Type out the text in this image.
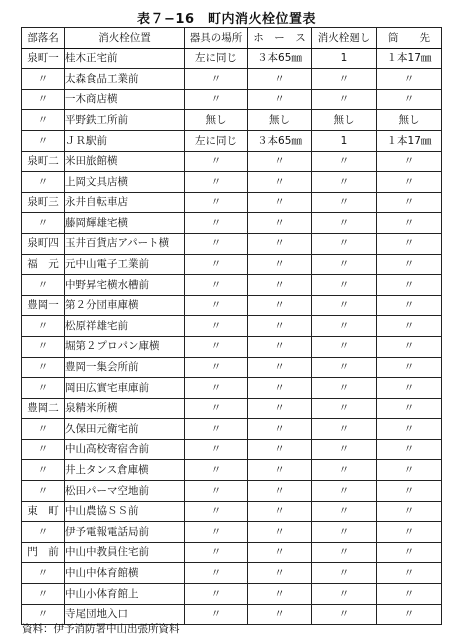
表７−16　町内消火栓位置表
部落名	消火栓位置	器具の場所	ホ　ー　ス	消火栓廻し	筒　　先
泉町一	桂木正宅前	左に同じ	３本65㎜	1	１本17㎜
〃	太森食品工業前	〃	〃	〃	〃
〃	一木商店横	〃	〃	〃	〃
〃	平野鉄工所前	無し	無し	無し	無し
〃	ＪＲ駅前	左に同じ	３本65㎜	1	１本17㎜
泉町二	米田旅館横	〃	〃	〃	〃
〃	上岡文具店横	〃	〃	〃	〃
泉町三	永井自転車店	〃	〃	〃	〃
〃	藤岡輝雄宅横	〃	〃	〃	〃
泉町四	玉井百貨店アパート横	〃	〃	〃	〃
福　元	元中山電子工業前	〃	〃	〃	〃
〃	中野昇宅横水槽前	〃	〃	〃	〃
豊岡一	第２分団車庫横	〃	〃	〃	〃
〃	松原祥雄宅前	〃	〃	〃	〃
〃	堀第２プロパン庫横	〃	〃	〃	〃
〃	豊岡一集会所前	〃	〃	〃	〃
〃	岡田広實宅車庫前	〃	〃	〃	〃
豊岡二	泉精米所横	〃	〃	〃	〃
〃	久保田元衛宅前	〃	〃	〃	〃
〃	中山高校寄宿舎前	〃	〃	〃	〃
〃	井上タンス倉庫横	〃	〃	〃	〃
〃	松田パーマ空地前	〃	〃	〃	〃
東　町	中山農協ＳＳ前	〃	〃	〃	〃
〃	伊予電報電話局前	〃	〃	〃	〃
門　前	中山中教員住宅前	〃	〃	〃	〃
〃	中山中体育館横	〃	〃	〃	〃
〃	中山小体育館上	〃	〃	〃	〃
〃	寺尾団地入口	〃	〃	〃	〃
資料：伊予消防署中山出張所資料
